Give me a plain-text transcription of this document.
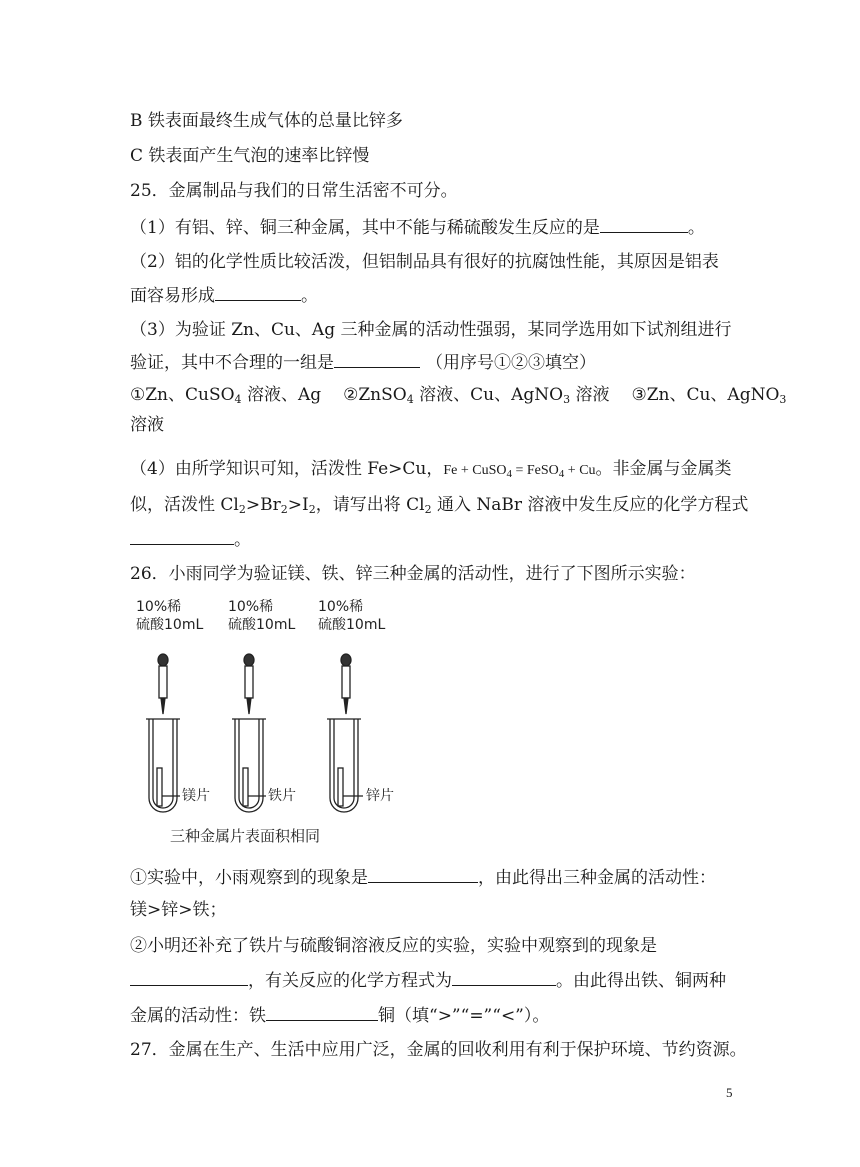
B 铁表面最终生成气体的总量比锌多
C 铁表面产生气泡的速率比锌慢
25．金属制品与我们的日常生活密不可分。
（1）有铝、锌、铜三种金属，其中不能与稀硫酸发生反应的是	。
（2）铝的化学性质比较活泼，但铝制品具有很好的抗腐蚀性能，其原因是铝表
面容易形成	。
（3）为验证 Zn、Cu、Ag 三种金属的活动性强弱，某同学选用如下试剂组进行
验证，其中不合理的一组是	（用序号①②③填空）
①Zn、CuSO$_4$ 溶液、Ag ②ZnSO$_4$ 溶液、Cu、AgNO$_3$ 溶液 ③Zn、Cu、AgNO$_3$
溶液
（4）由所学知识可知，活泼性 Fe>Cu，Fe + CuSO$_4$ = FeSO$_4$ + Cu。非金属与金属类
似，活泼性 $Cl_2>Br_2>I_2$，请写出将 $Cl_2$ 通入 NaBr 溶液中发生反应的化学方程式
。
26．小雨同学为验证镁、铁、锌三种金属的活动性，进行了下图所示实验：
10%稀
硫酸10mL
10%稀
硫酸10mL
10%稀
硫酸10mL
镁片	铁片	锌片
三种金属片表面积相同
①实验中，小雨观察到的现象是	，由此得出三种金属的活动性：
镁>锌>铁；
②小明还补充了铁片与硫酸铜溶液反应的实验，实验中观察到的现象是
，有关反应的化学方程式为	。由此得出铁、铜两种
金属的活动性：铁	铜（填“>”“=”“<”）。
27．金属在生产、生活中应用广泛，金属的回收利用有利于保护环境、节约资源。
5
